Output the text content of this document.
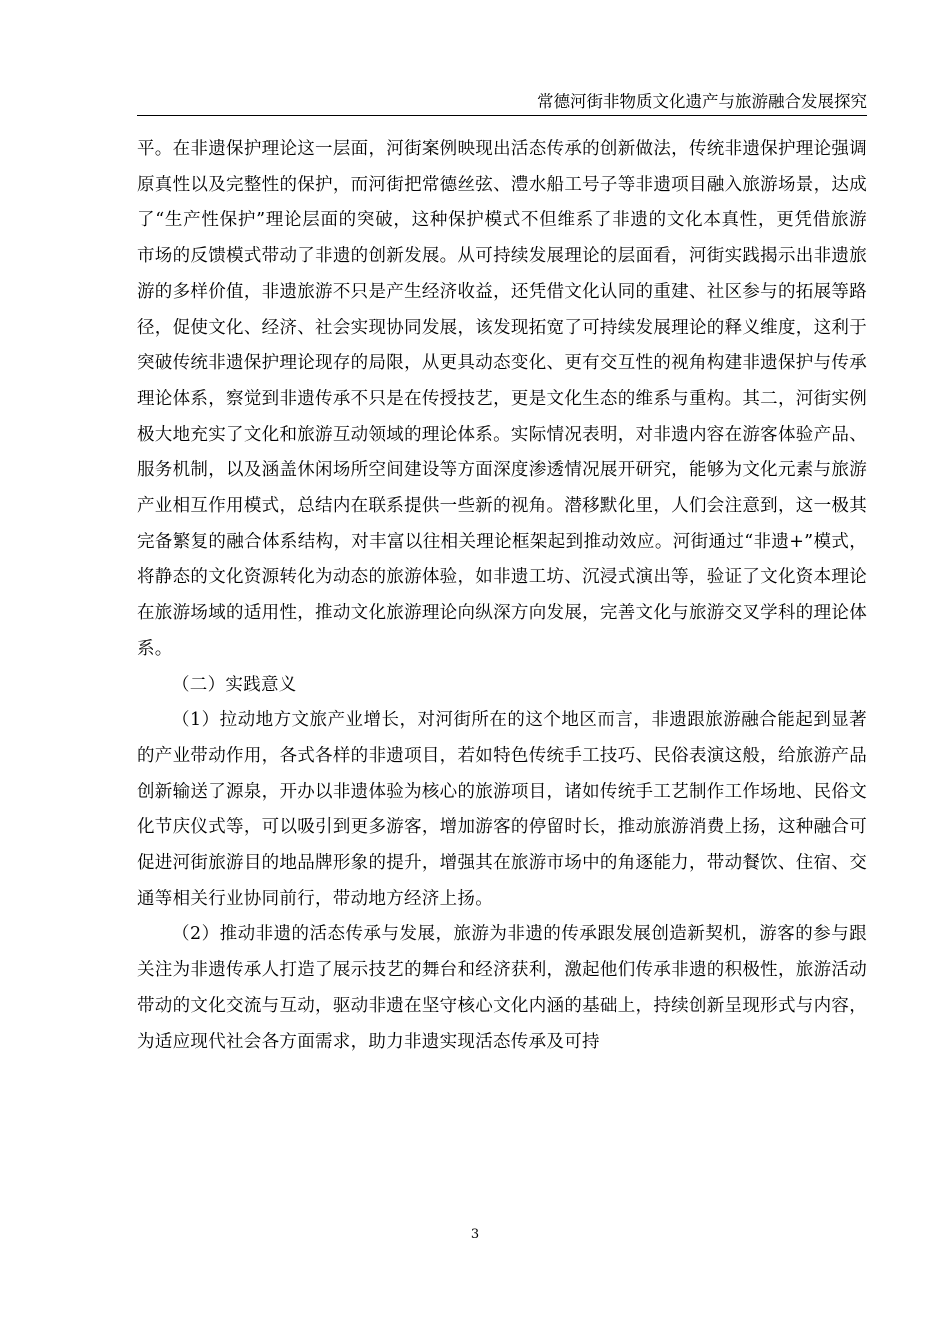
常德河街非物质文化遗产与旅游融合发展探究

平。在非遗保护理论这一层面，河街案例映现出活态传承的创新做法，传统非遗保护理论强调原真性以及完整性的保护，而河街把常德丝弦、澧水船工号子等非遗项目融入旅游场景，达成了“生产性保护”理论层面的突破，这种保护模式不但维系了非遗的文化本真性，更凭借旅游市场的反馈模式带动了非遗的创新发展。从可持续发展理论的层面看，河街实践揭示出非遗旅游的多样价值，非遗旅游不只是产生经济收益，还凭借文化认同的重建、社区参与的拓展等路径，促使文化、经济、社会实现协同发展，该发现拓宽了可持续发展理论的释义维度，这利于突破传统非遗保护理论现存的局限，从更具动态变化、更有交互性的视角构建非遗保护与传承理论体系，察觉到非遗传承不只是在传授技艺，更是文化生态的维系与重构。其二，河街实例极大地充实了文化和旅游互动领域的理论体系。实际情况表明，对非遗内容在游客体验产品、服务机制，以及涵盖休闲场所空间建设等方面深度渗透情况展开研究，能够为文化元素与旅游产业相互作用模式，总结内在联系提供一些新的视角。潜移默化里，人们会注意到，这一极其完备繁复的融合体系结构，对丰富以往相关理论框架起到推动效应。河街通过“非遗+”模式，将静态的文化资源转化为动态的旅游体验，如非遗工坊、沉浸式演出等，验证了文化资本理论在旅游场域的适用性，推动文化旅游理论向纵深方向发展，完善文化与旅游交叉学科的理论体系。

（二）实践意义

（1）拉动地方文旅产业增长，对河街所在的这个地区而言，非遗跟旅游融合能起到显著的产业带动作用，各式各样的非遗项目，若如特色传统手工技巧、民俗表演这般，给旅游产品创新输送了源泉，开办以非遗体验为核心的旅游项目，诸如传统手工艺制作工作场地、民俗文化节庆仪式等，可以吸引到更多游客，增加游客的停留时长，推动旅游消费上扬，这种融合可促进河街旅游目的地品牌形象的提升，增强其在旅游市场中的角逐能力，带动餐饮、住宿、交通等相关行业协同前行，带动地方经济上扬。

（2）推动非遗的活态传承与发展，旅游为非遗的传承跟发展创造新契机，游客的参与跟关注为非遗传承人打造了展示技艺的舞台和经济获利，激起他们传承非遗的积极性，旅游活动带动的文化交流与互动，驱动非遗在坚守核心文化内涵的基础上，持续创新呈现形式与内容，为适应现代社会各方面需求，助力非遗实现活态传承及可持

3
